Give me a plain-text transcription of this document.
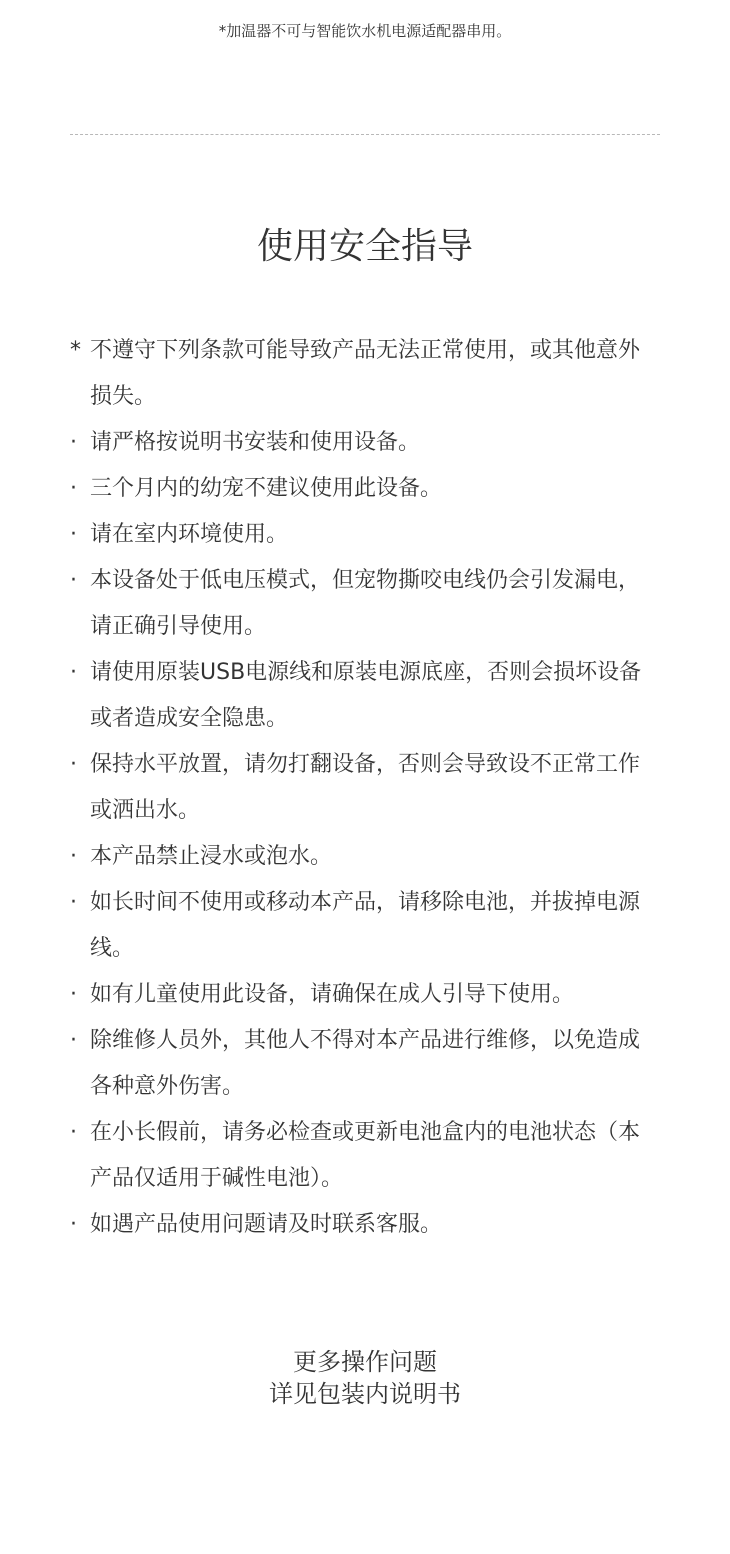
*加温器不可与智能饮水机电源适配器串用。
使用安全指导
* 不遵守下列条款可能导致产品无法正常使用，或其他意外损失。
· 请严格按说明书安装和使用设备。
· 三个月内的幼宠不建议使用此设备。
· 请在室内环境使用。
· 本设备处于低电压模式，但宠物撕咬电线仍会引发漏电，请正确引导使用。
· 请使用原装USB电源线和原装电源底座，否则会损坏设备或者造成安全隐患。
· 保持水平放置，请勿打翻设备，否则会导致设不正常工作或洒出水。
· 本产品禁止浸水或泡水。
· 如长时间不使用或移动本产品，请移除电池，并拔掉电源线。
· 如有儿童使用此设备，请确保在成人引导下使用。
· 除维修人员外，其他人不得对本产品进行维修，以免造成各种意外伤害。
· 在小长假前，请务必检查或更新电池盒内的电池状态（本产品仅适用于碱性电池）。
· 如遇产品使用问题请及时联系客服。
更多操作问题
详见包装内说明书
